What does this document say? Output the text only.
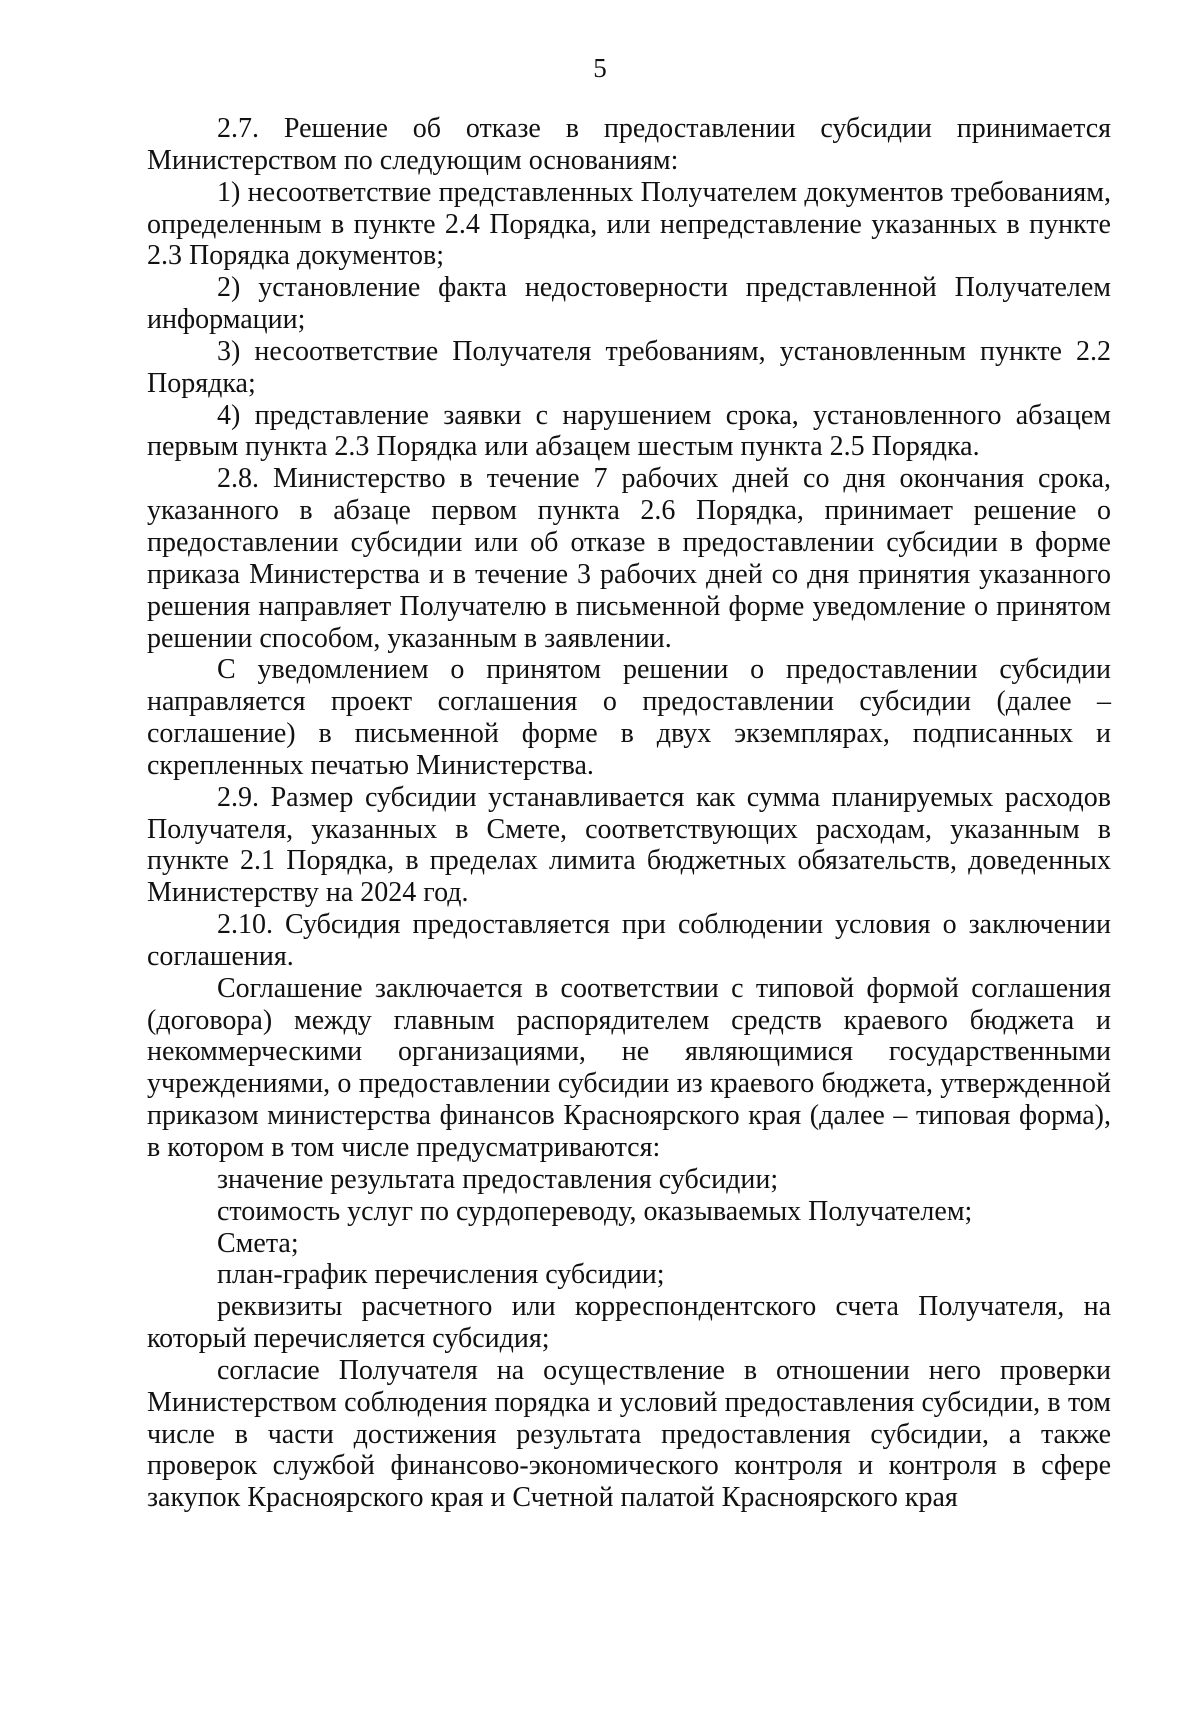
5

2.7. Решение об отказе в предоставлении субсидии принимается Министерством по следующим основаниям:

1) несоответствие представленных Получателем документов требованиям, определенным в пункте 2.4 Порядка, или непредставление указанных в пункте 2.3 Порядка документов;

2) установление факта недостоверности представленной Получателем информации;

3) несоответствие Получателя требованиям, установленным пункте 2.2 Порядка;

4) представление заявки с нарушением срока, установленного абзацем первым пункта 2.3 Порядка или абзацем шестым пункта 2.5 Порядка.

2.8. Министерство в течение 7 рабочих дней со дня окончания срока, указанного в абзаце первом пункта 2.6 Порядка, принимает решение о предоставлении субсидии или об отказе в предоставлении субсидии в форме приказа Министерства и в течение 3 рабочих дней со дня принятия указанного решения направляет Получателю в письменной форме уведомление о принятом решении способом, указанным в заявлении.

С уведомлением о принятом решении о предоставлении субсидии направляется проект соглашения о предоставлении субсидии (далее – соглашение) в письменной форме в двух экземплярах, подписанных и скрепленных печатью Министерства.

2.9. Размер субсидии устанавливается как сумма планируемых расходов Получателя, указанных в Смете, соответствующих расходам, указанным в пункте 2.1 Порядка, в пределах лимита бюджетных обязательств, доведенных Министерству на 2024 год.

2.10. Субсидия предоставляется при соблюдении условия о заключении соглашения.

Соглашение заключается в соответствии с типовой формой соглашения (договора) между главным распорядителем средств краевого бюджета и некоммерческими организациями, не являющимися государственными учреждениями, о предоставлении субсидии из краевого бюджета, утвержденной приказом министерства финансов Красноярского края (далее – типовая форма), в котором в том числе предусматриваются:

значение результата предоставления субсидии;

стоимость услуг по сурдопереводу, оказываемых Получателем;

Смета;

план-график перечисления субсидии;

реквизиты расчетного или корреспондентского счета Получателя, на который перечисляется субсидия;

согласие Получателя на осуществление в отношении него проверки Министерством соблюдения порядка и условий предоставления субсидии, в том числе в части достижения результата предоставления субсидии, а также проверок службой финансово-экономического контроля и контроля в сфере закупок Красноярского края и Счетной палатой Красноярского края
